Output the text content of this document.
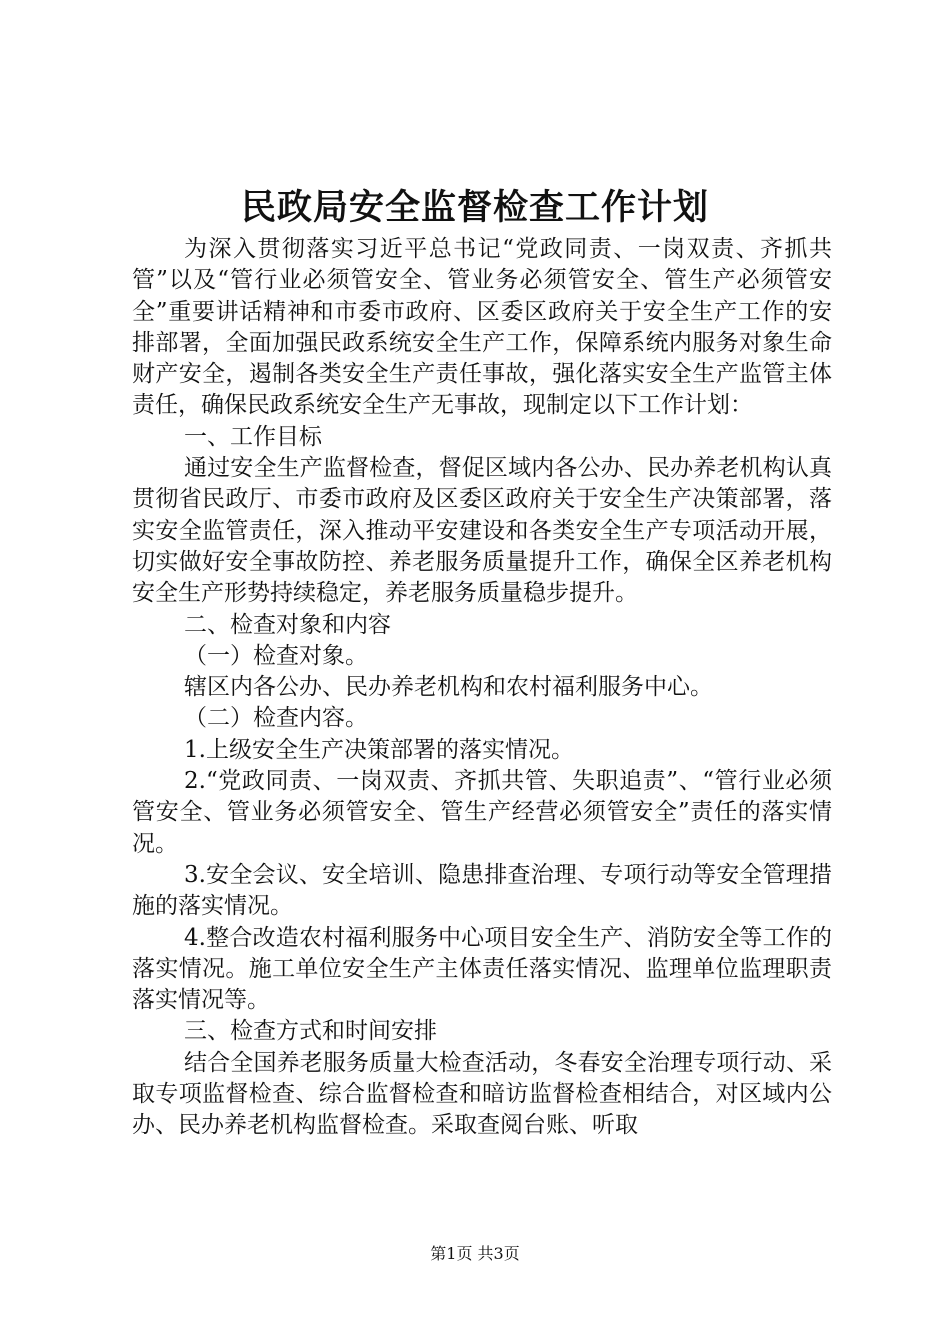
民政局安全监督检查工作计划

为深入贯彻落实习近平总书记“党政同责、一岗双责、齐抓共管”以及“管行业必须管安全、管业务必须管安全、管生产必须管安全”重要讲话精神和市委市政府、区委区政府关于安全生产工作的安排部署，全面加强民政系统安全生产工作，保障系统内服务对象生命财产安全，遏制各类安全生产责任事故，强化落实安全生产监管主体责任，确保民政系统安全生产无事故，现制定以下工作计划：

一、工作目标

通过安全生产监督检查，督促区域内各公办、民办养老机构认真贯彻省民政厅、市委市政府及区委区政府关于安全生产决策部署，落实安全监管责任，深入推动平安建设和各类安全生产专项活动开展，切实做好安全事故防控、养老服务质量提升工作，确保全区养老机构安全生产形势持续稳定，养老服务质量稳步提升。

二、检查对象和内容

（一）检查对象。

辖区内各公办、民办养老机构和农村福利服务中心。

（二）检查内容。

1.上级安全生产决策部署的落实情况。

2.“党政同责、一岗双责、齐抓共管、失职追责”、“管行业必须管安全、管业务必须管安全、管生产经营必须管安全”责任的落实情况。

3.安全会议、安全培训、隐患排查治理、专项行动等安全管理措施的落实情况。

4.整合改造农村福利服务中心项目安全生产、消防安全等工作的落实情况。施工单位安全生产主体责任落实情况、监理单位监理职责落实情况等。

三、检查方式和时间安排

结合全国养老服务质量大检查活动，冬春安全治理专项行动、采取专项监督检查、综合监督检查和暗访监督检查相结合，对区域内公办、民办养老机构监督检查。采取查阅台账、听取

第1页 共3页
